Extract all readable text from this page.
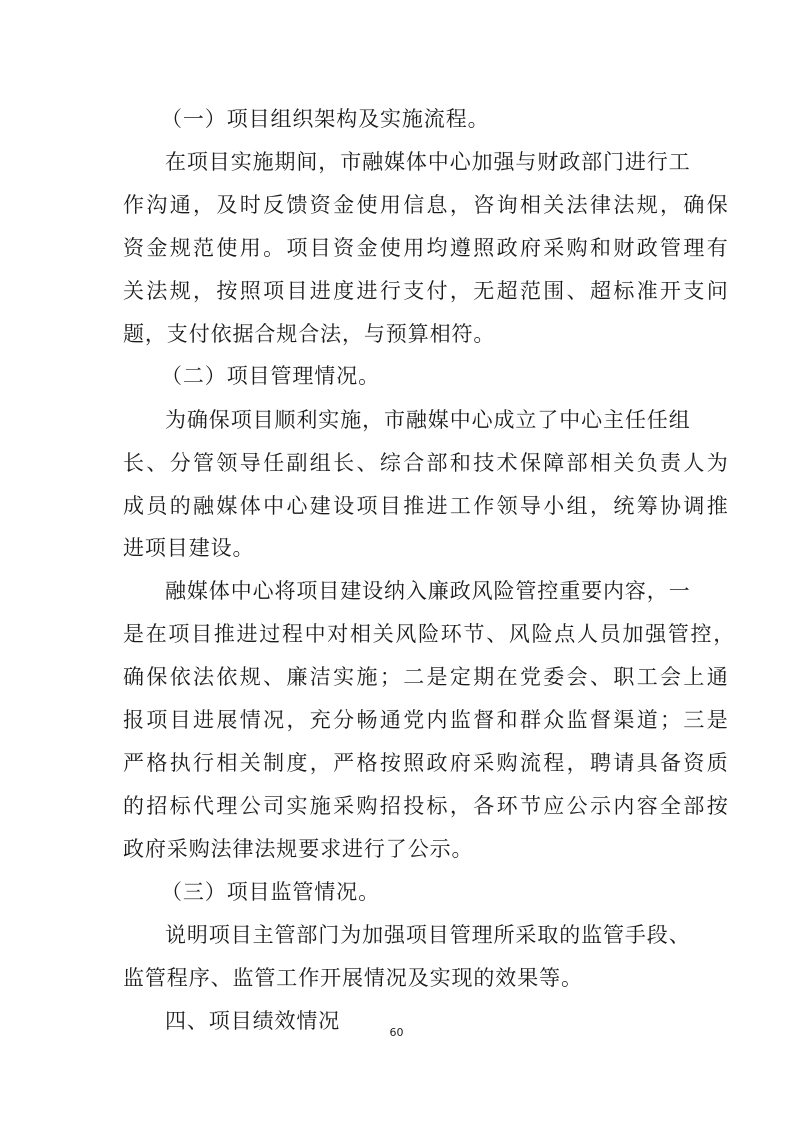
（一）项目组织架构及实施流程。
在项目实施期间，市融媒体中心加强与财政部门进行工
作沟通，及时反馈资金使用信息，咨询相关法律法规，确保
资金规范使用。项目资金使用均遵照政府采购和财政管理有
关法规，按照项目进度进行支付，无超范围、超标准开支问
题，支付依据合规合法，与预算相符。
（二）项目管理情况。
为确保项目顺利实施，市融媒中心成立了中心主任任组
长、分管领导任副组长、综合部和技术保障部相关负责人为
成员的融媒体中心建设项目推进工作领导小组，统筹协调推
进项目建设。
融媒体中心将项目建设纳入廉政风险管控重要内容，一
是在项目推进过程中对相关风险环节、风险点人员加强管控，
确保依法依规、廉洁实施；二是定期在党委会、职工会上通
报项目进展情况，充分畅通党内监督和群众监督渠道；三是
严格执行相关制度，严格按照政府采购流程，聘请具备资质
的招标代理公司实施采购招投标，各环节应公示内容全部按
政府采购法律法规要求进行了公示。
（三）项目监管情况。
说明项目主管部门为加强项目管理所采取的监管手段、
监管程序、监管工作开展情况及实现的效果等。
四、项目绩效情况	60
